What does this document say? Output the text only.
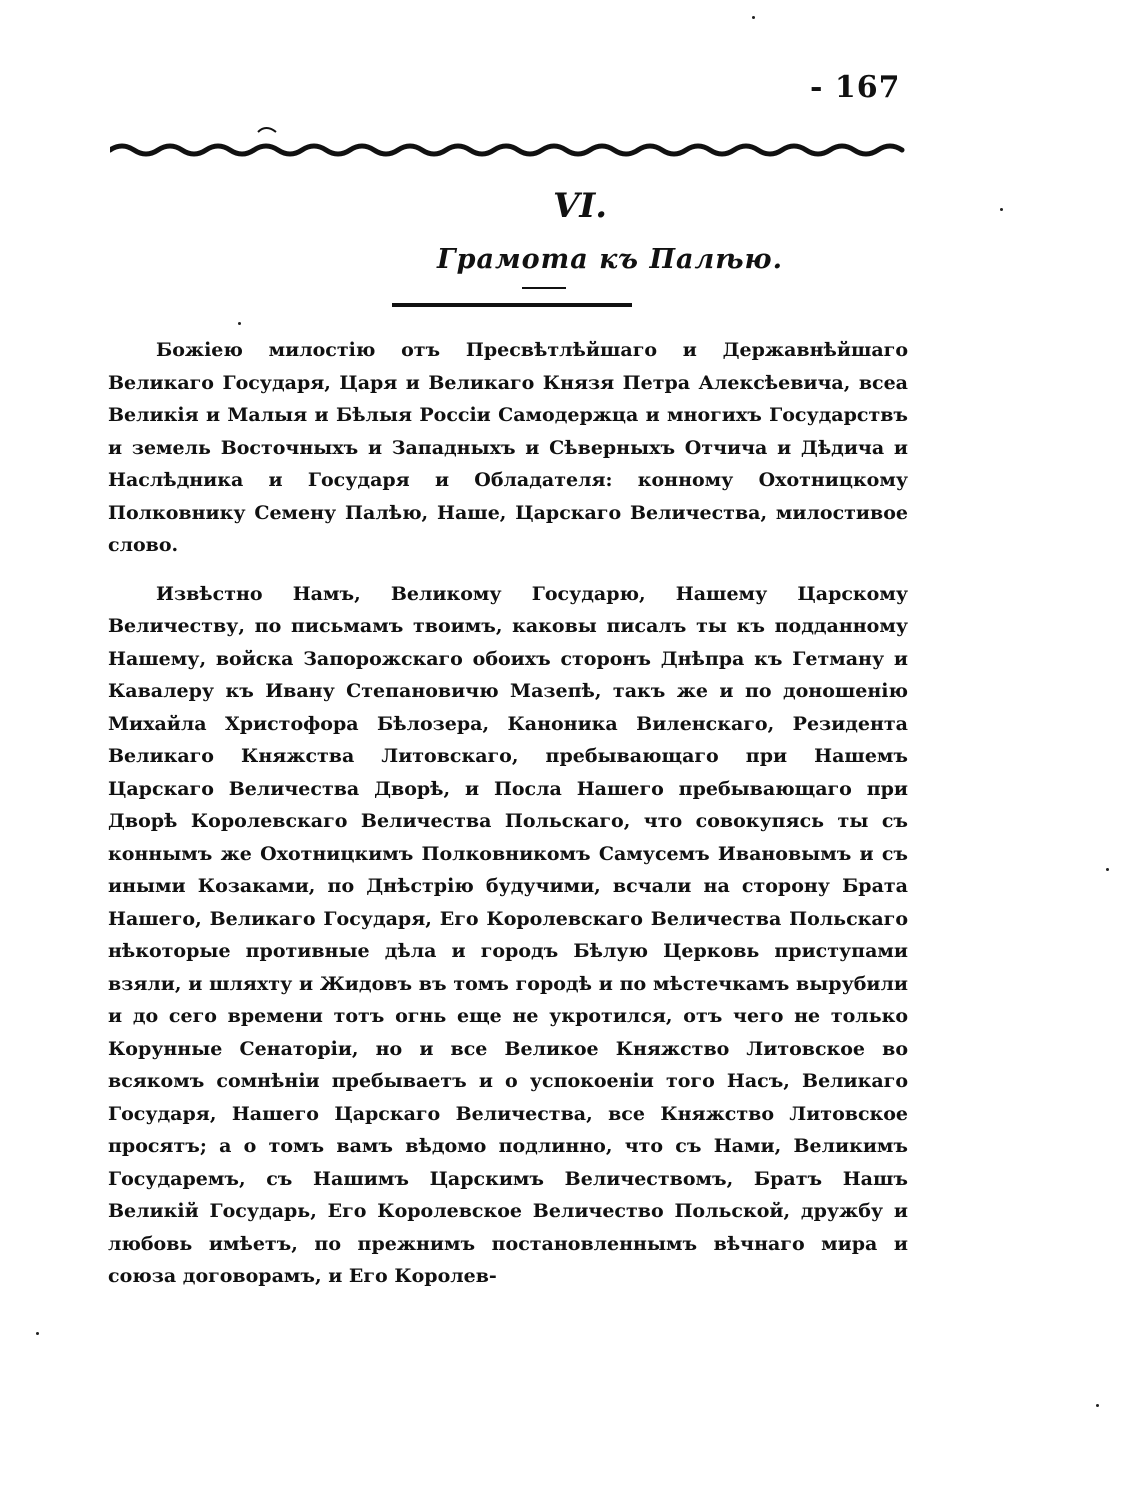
- 167
VI.
Грамота къ Палѣю.

Божіею милостію отъ Пресвѣтлѣйшаго и Державнѣйшаго Великаго Государя, Царя и Великаго Князя Петра Алексѣевича, всеа Великія и Малыя и Бѣлыя Россіи Самодержца и многихъ Государствъ и земель Восточныхъ и Западныхъ и Сѣверныхъ Отчича и Дѣдича и Наслѣдника и Государя и Обладателя: конному Охотницкому Полковнику Семену Палѣю, Наше, Царскаго Величества, милостивое слово.

Извѣстно Намъ, Великому Государю, Нашему Царскому Величеству, по письмамъ твоимъ, каковы писалъ ты къ подданному Нашему, войска Запорожскаго обоихъ сторонъ Днѣпра къ Гетману и Кавалеру къ Ивану Степановичю Мазепѣ, такъ же и по доношенію Михайла Христофора Бѣлозера, Каноника Виленскаго, Резидента Великаго Княжства Литовскаго, пребывающаго при Нашемъ Царскаго Величества Дворѣ, и Посла Нашего пребывающаго при Дворѣ Королевскаго Величества Польскаго, что совокупясь ты съ коннымъ же Охотницкимъ Полковникомъ Самусемъ Ивановымъ и съ иными Козаками, по Днѣстрію будучими, всчали на сторону Брата Нашего, Великаго Государя, Его Королевскаго Величества Польскаго нѣкоторые противные дѣла и городъ Бѣлую Церковь приступами взяли, и шляхту и Жидовъ въ томъ городѣ и по мѣстечкамъ вырубили и до сего времени тотъ огнь еще не укротился, отъ чего не только Корунные Сенаторіи, но и все Великое Княжство Литовское во всякомъ сомнѣніи пребываетъ и о успокоеніи того Насъ, Великаго Государя, Нашего Царскаго Величества, все Княжство Литовское просятъ; а о томъ вамъ вѣдомо подлинно, что съ Нами, Великимъ Государемъ, съ Нашимъ Царскимъ Величествомъ, Братъ Нашъ Великій Государь, Его Королевское Величество Польской, дружбу и любовь имѣетъ, по прежнимъ постановленнымъ вѣчнаго мира и союза договорамъ, и Его Королев-
